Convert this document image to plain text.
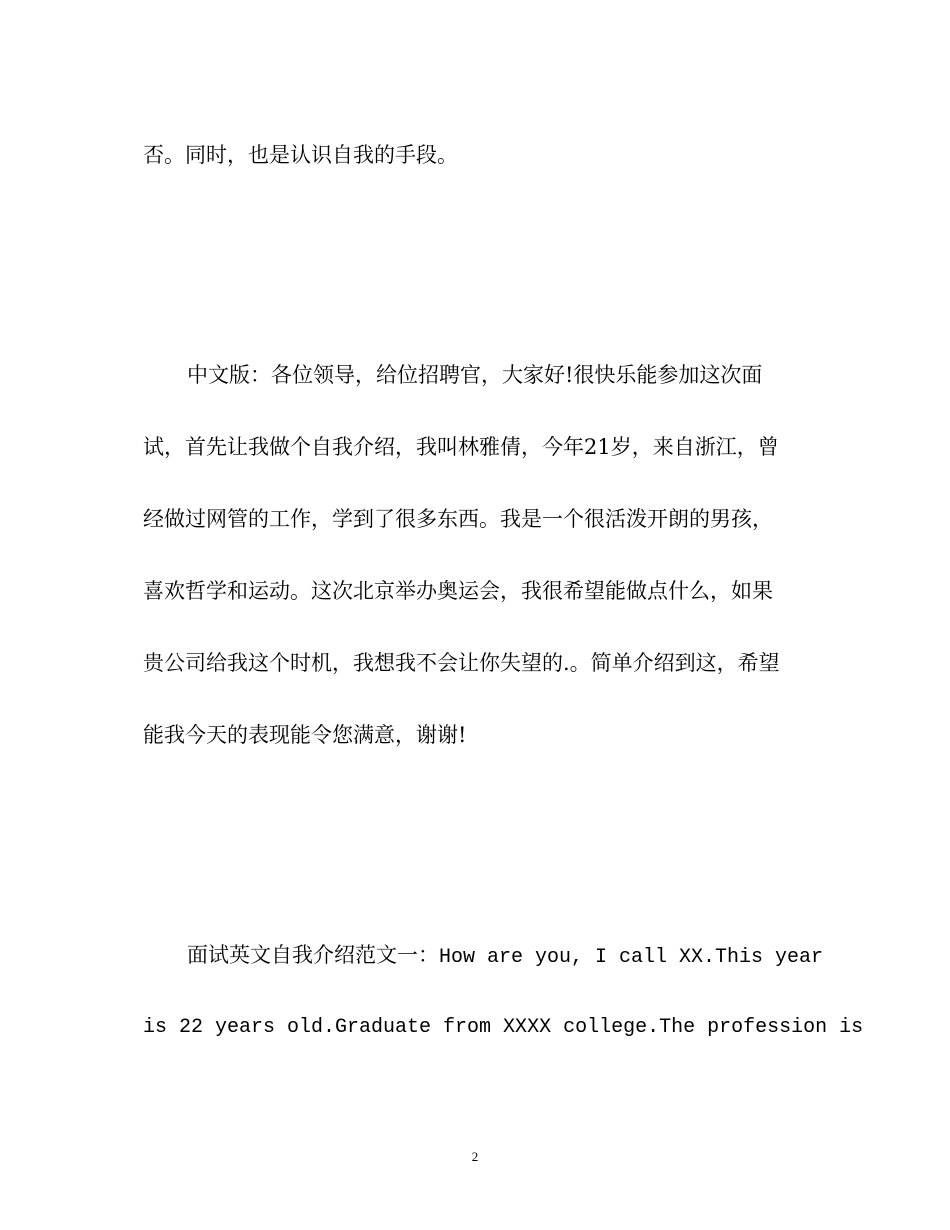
否。同时，也是认识自我的手段。
中文版：各位领导，给位招聘官，大家好!很快乐能参加这次面
试，首先让我做个自我介绍，我叫林雅倩，今年21岁，来自浙江，曾
经做过网管的工作，学到了很多东西。我是一个很活泼开朗的男孩，
喜欢哲学和运动。这次北京举办奥运会，我很希望能做点什么，如果
贵公司给我这个时机，我想我不会让你失望的.。简单介绍到这，希望
能我今天的表现能令您满意，谢谢!
面试英文自我介绍范文一：How are you, I call XX.This year
is 22 years old.Graduate from XXXX college.The profession is
2
